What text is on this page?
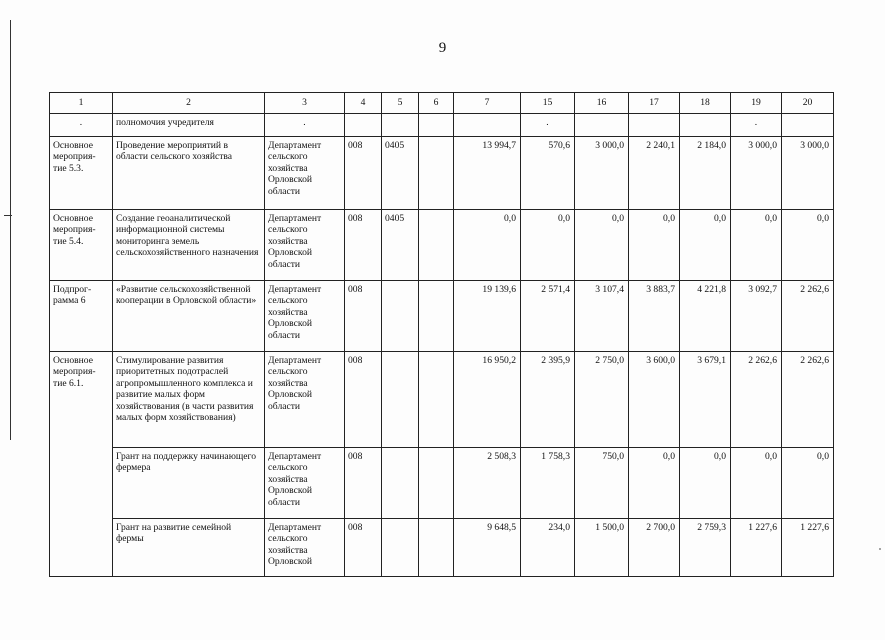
9
1	2	3	4	5	6	7	15	16	17	18	19	20
.	полномочия учредителя	.					.				.	
Основное мероприя-тие 5.3.	Проведение мероприятий в области сельского хозяйства	Департамент сельского хозяйства Орловской области	008	0405		13 994,7	570,6	3 000,0	2 240,1	2 184,0	3 000,0	3 000,0
Основное мероприя-тие 5.4.	Создание геоаналитической информационной системы мониторинга земель сельскохозяйственного назначения	Департамент сельского хозяйства Орловской области	008	0405		0,0	0,0	0,0	0,0	0,0	0,0	0,0
Подпрог-рамма 6	«Развитие сельскохозяйственной кооперации в Орловской области»	Департамент сельского хозяйства Орловской области	008			19 139,6	2 571,4	3 107,4	3 883,7	4 221,8	3 092,7	2 262,6
Основное мероприя-тие 6.1.	Стимулирование развития приоритетных подотраслей агропромышленного комплекса и развитие малых форм хозяйствования (в части развития малых форм хозяйствования)	Департамент сельского хозяйства Орловской области	008			16 950,2	2 395,9	2 750,0	3 600,0	3 679,1	2 262,6	2 262,6
	Грант на поддержку начинающего фермера	Департамент сельского хозяйства Орловской области	008			2 508,3	1 758,3	750,0	0,0	0,0	0,0	0,0
	Грант на развитие семейной фермы	Департамент сельского хозяйства Орловской	008			9 648,5	234,0	1 500,0	2 700,0	2 759,3	1 227,6	1 227,6
